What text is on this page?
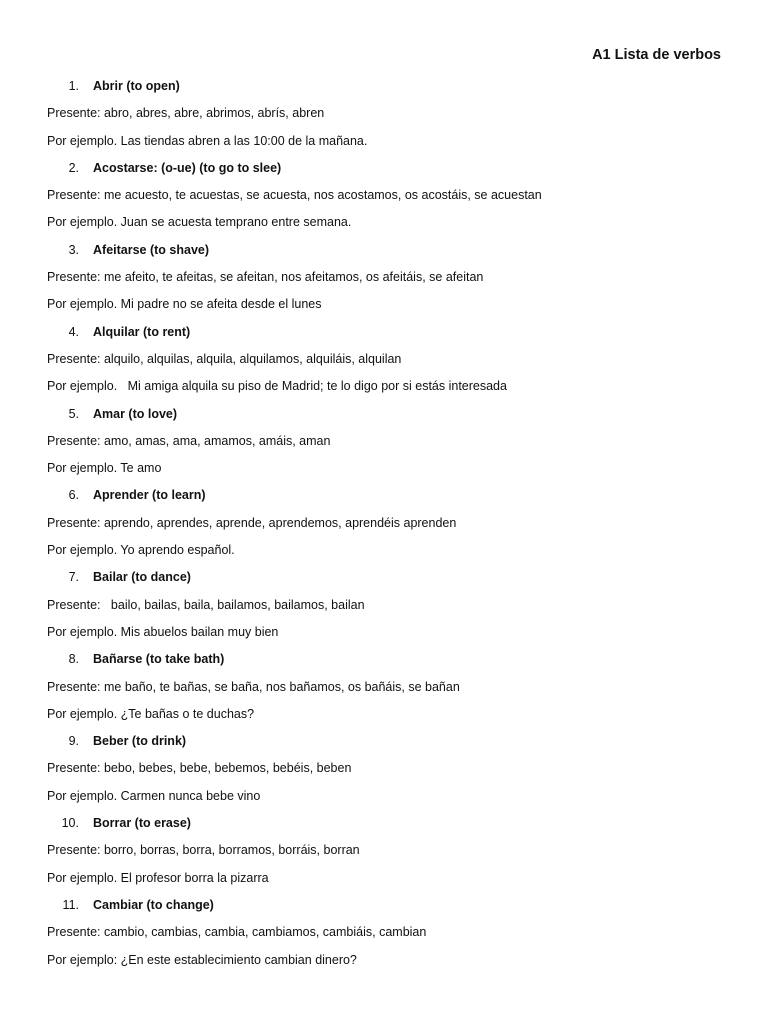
A1 Lista de verbos
1. Abrir (to open)
Presente: abro, abres, abre, abrimos, abrís, abren
Por ejemplo. Las tiendas abren a las 10:00 de la mañana.
2. Acostarse: (o-ue) (to go to slee)
Presente: me acuesto, te acuestas, se acuesta, nos acostamos, os acostáis, se acuestan
Por ejemplo. Juan se acuesta temprano entre semana.
3. Afeitarse (to shave)
Presente: me afeito, te afeitas, se afeitan, nos afeitamos, os afeitáis, se afeitan
Por ejemplo. Mi padre no se afeita desde el lunes
4. Alquilar (to rent)
Presente: alquilo, alquilas, alquila, alquilamos, alquiláis, alquilan
Por ejemplo.   Mi amiga alquila su piso de Madrid; te lo digo por si estás interesada
5. Amar (to love)
Presente: amo, amas, ama, amamos, amáis, aman
Por ejemplo. Te amo
6. Aprender (to learn)
Presente: aprendo, aprendes, aprende, aprendemos, aprendéis aprenden
Por ejemplo. Yo aprendo español.
7. Bailar (to dance)
Presente:   bailo, bailas, baila, bailamos, bailamos, bailan
Por ejemplo. Mis abuelos bailan muy bien
8. Bañarse (to take bath)
Presente: me baño, te bañas, se baña, nos bañamos, os bañáis, se bañan
Por ejemplo. ¿Te bañas o te duchas?
9. Beber (to drink)
Presente: bebo, bebes, bebe, bebemos, bebéis, beben
Por ejemplo. Carmen nunca bebe vino
10. Borrar (to erase)
Presente: borro, borras, borra, borramos, borráis, borran
Por ejemplo. El profesor borra la pizarra
11. Cambiar (to change)
Presente: cambio, cambias, cambia, cambiamos, cambiáis, cambian
Por ejemplo: ¿En este establecimiento cambian dinero?
